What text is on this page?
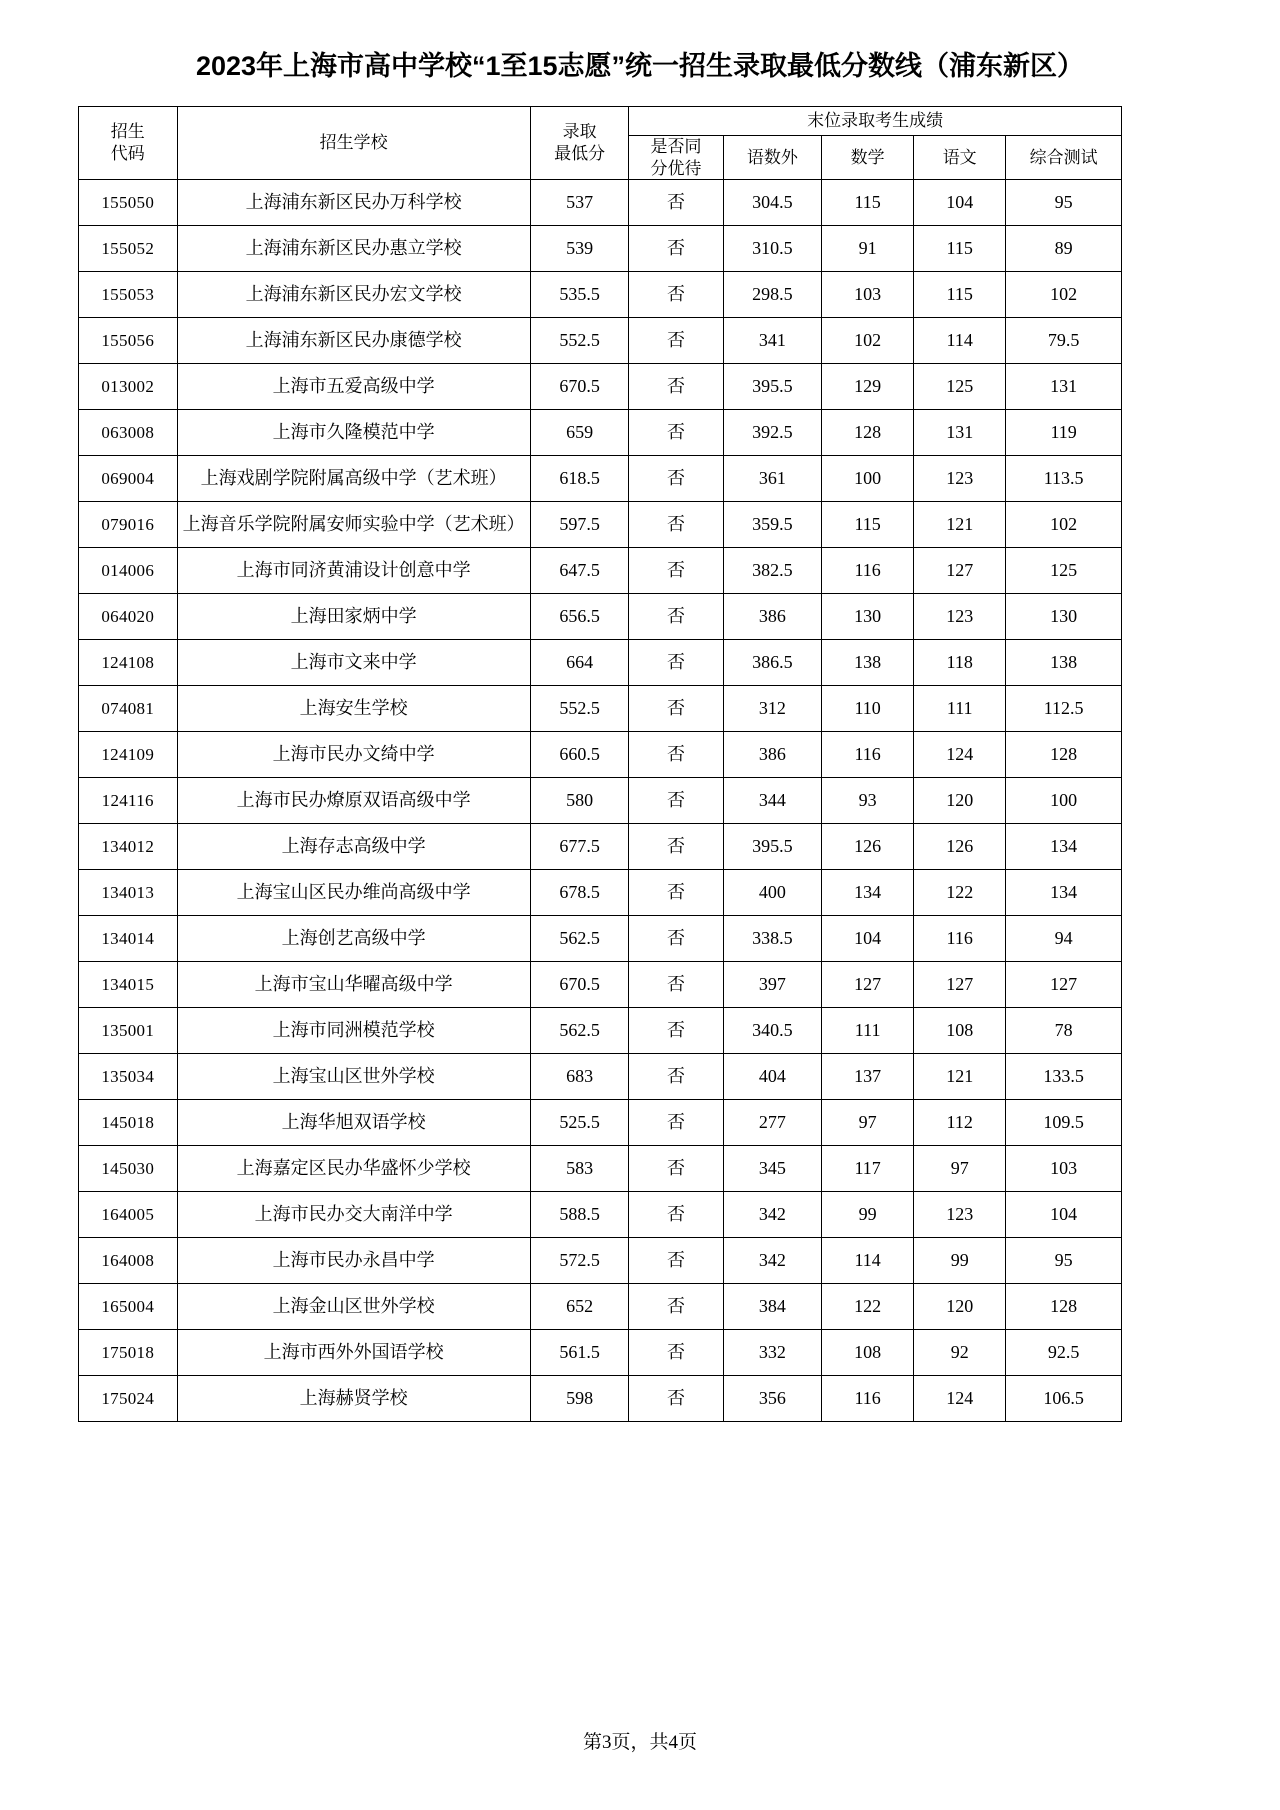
2023年上海市高中学校“1至15志愿”统一招生录取最低分数线（浦东新区）
招生
代码
	招生学校	
录取
最低分
	末位录取考生成绩

			是否同
分优待	语数外	数学	语文	综合测试
155050	上海浦东新区民办万科学校	537	否	304.5	115	104	95
155052	上海浦东新区民办惠立学校	539	否	310.5	91	115	89
155053	上海浦东新区民办宏文学校	535.5	否	298.5	103	115	102
155056	上海浦东新区民办康德学校	552.5	否	341	102	114	79.5
013002	上海市五爱高级中学	670.5	否	395.5	129	125	131
063008	上海市久隆模范中学	659	否	392.5	128	131	119
069004	上海戏剧学院附属高级中学（艺术班）	618.5	否	361	100	123	113.5
079016	上海音乐学院附属安师实验中学（艺术班）	597.5	否	359.5	115	121	102
014006	上海市同济黄浦设计创意中学	647.5	否	382.5	116	127	125
064020	上海田家炳中学	656.5	否	386	130	123	130
124108	上海市文来中学	664	否	386.5	138	118	138
074081	上海安生学校	552.5	否	312	110	111	112.5
124109	上海市民办文绮中学	660.5	否	386	116	124	128
124116	上海市民办燎原双语高级中学	580	否	344	93	120	100
134012	上海存志高级中学	677.5	否	395.5	126	126	134
134013	上海宝山区民办维尚高级中学	678.5	否	400	134	122	134
134014	上海创艺高级中学	562.5	否	338.5	104	116	94
134015	上海市宝山华曜高级中学	670.5	否	397	127	127	127
135001	上海市同洲模范学校	562.5	否	340.5	111	108	78
135034	上海宝山区世外学校	683	否	404	137	121	133.5
145018	上海华旭双语学校	525.5	否	277	97	112	109.5
145030	上海嘉定区民办华盛怀少学校	583	否	345	117	97	103
164005	上海市民办交大南洋中学	588.5	否	342	99	123	104
164008	上海市民办永昌中学	572.5	否	342	114	99	95
165004	上海金山区世外学校	652	否	384	122	120	128
175018	上海市西外外国语学校	561.5	否	332	108	92	92.5
175024	上海赫贤学校	598	否	356	116	124	106.5
第3页，共4页
